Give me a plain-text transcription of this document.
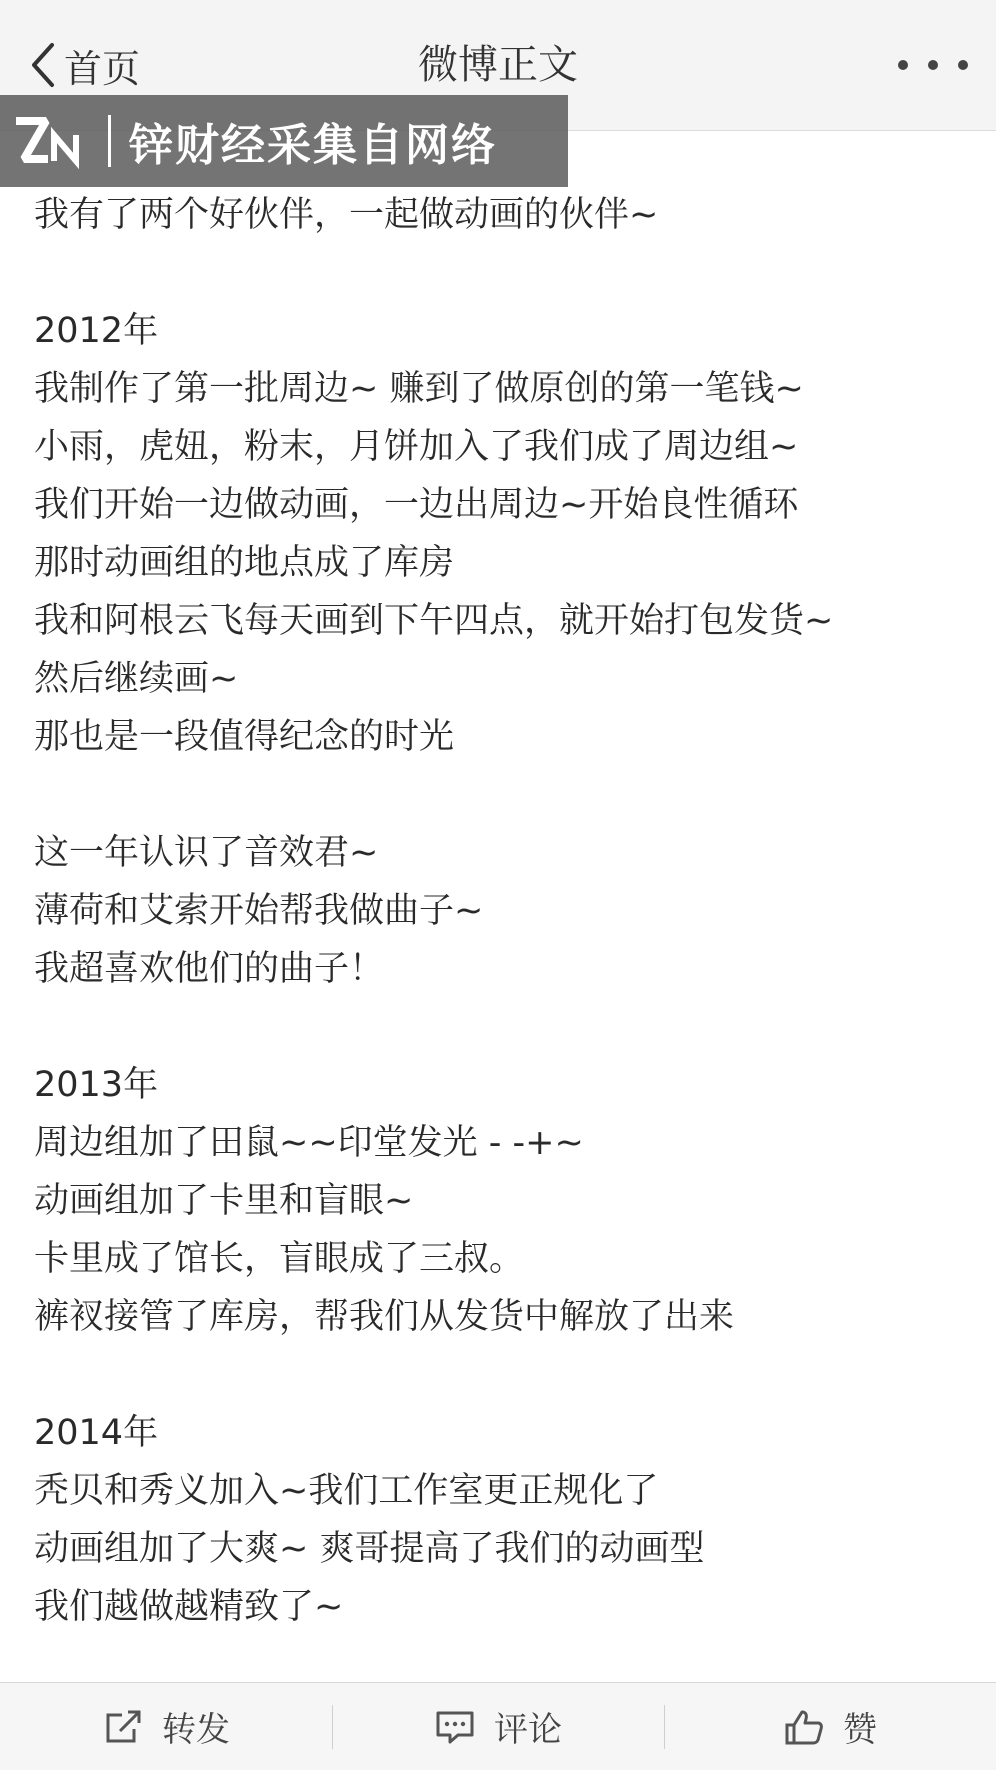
首页	微博正文
锌财经采集自网络
我有了两个好伙伴，一起做动画的伙伴~
2012年
我制作了第一批周边~ 赚到了做原创的第一笔钱~
小雨，虎妞，粉末，月饼加入了我们成了周边组~
我们开始一边做动画，一边出周边~开始良性循环
那时动画组的地点成了库房
我和阿根云飞每天画到下午四点，就开始打包发货~
然后继续画~
那也是一段值得纪念的时光
这一年认识了音效君~
薄荷和艾索开始帮我做曲子~
我超喜欢他们的曲子！
2013年
周边组加了田鼠~~印堂发光 - -+~
动画组加了卡里和盲眼~
卡里成了馆长，盲眼成了三叔。
裤衩接管了库房，帮我们从发货中解放了出来
2014年
秃贝和秀义加入~我们工作室更正规化了
动画组加了大爽~ 爽哥提高了我们的动画型
我们越做越精致了~
转发	评论	赞
